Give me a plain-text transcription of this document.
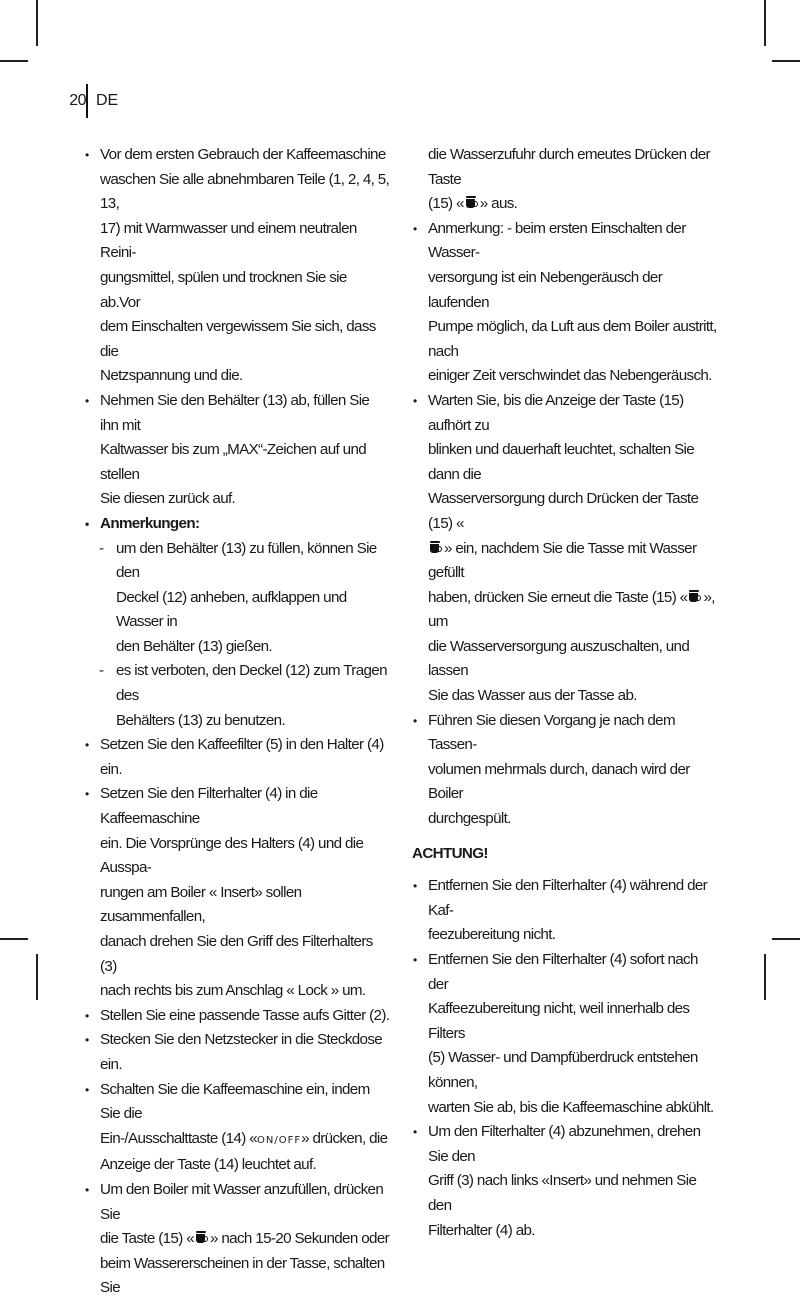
20 DE
• Vor dem ersten Gebrauch der Kaffeemaschine
waschen Sie alle abnehmbaren Teile (1, 2, 4, 5, 13,
17) mit Warmwasser und einem neutralen Reini-
gungsmittel, spülen und trocknen Sie sie ab.Vor
dem Einschalten vergewissem Sie sich, dass die
Netzspannung und die.
• Nehmen Sie den Behälter (13) ab, füllen Sie ihn mit
Kaltwasser bis zum „MAX“-Zeichen auf und stellen
Sie diesen zurück auf.
• Anmerkungen:
- um den Behälter (13) zu füllen, können Sie den
Deckel (12) anheben, aufklappen und Wasser in
den Behälter (13) gießen.
- es ist verboten, den Deckel (12) zum Tragen des
Behälters (13) zu benutzen.
• Setzen Sie den Kaffeefilter (5) in den Halter (4) ein.
• Setzen Sie den Filterhalter (4) in die Kaffeemaschine
ein. Die Vorsprünge des Halters (4) und die Ausspa-
rungen am Boiler « Insert» sollen zusammenfallen,
danach drehen Sie den Griff des Filterhalters (3)
nach rechts bis zum Anschlag « Lock » um.
• Stellen Sie eine passende Tasse aufs Gitter (2).
• Stecken Sie den Netzstecker in die Steckdose ein.
• Schalten Sie die Kaffeemaschine ein, indem Sie die
Ein-/Ausschalttaste (14) «ON/OFF» drücken, die
Anzeige der Taste (14) leuchtet auf.
• Um den Boiler mit Wasser anzufüllen, drücken Sie
die Taste (15) « » nach 15-20 Sekunden oder
beim Wassererscheinen in der Tasse, schalten Sie
die Wasserzufuhr durch emeutes Drücken der Taste
(15) « » aus.
• Anmerkung: - beim ersten Einschalten der Wasser-
versorgung ist ein Nebengeräusch der laufenden
Pumpe möglich, da Luft aus dem Boiler austritt, nach
einiger Zeit verschwindet das Nebengeräusch.
• Warten Sie, bis die Anzeige der Taste (15) aufhört zu
blinken und dauerhaft leuchtet, schalten Sie dann die
Wasserversorgung durch Drücken der Taste (15) «
» ein, nachdem Sie die Tasse mit Wasser gefüllt
haben, drücken Sie erneut die Taste (15) « », um
die Wasserversorgung auszuschalten, und lassen
Sie das Wasser aus der Tasse ab.
• Führen Sie diesen Vorgang je nach dem Tassen-
volumen mehrmals durch, danach wird der Boiler
durchgespült.
ACHTUNG!
• Entfernen Sie den Filterhalter (4) während der Kaf-
feezubereitung nicht.
• Entfernen Sie den Filterhalter (4) sofort nach der
Kaffeezubereitung nicht, weil innerhalb des Filters
(5) Wasser- und Dampfüberdruck entstehen können,
warten Sie ab, bis die Kaffeemaschine abkühlt.
• Um den Filterhalter (4) abzunehmen, drehen Sie den
Griff (3) nach links «Insert» und nehmen Sie den
Filterhalter (4) ab.
